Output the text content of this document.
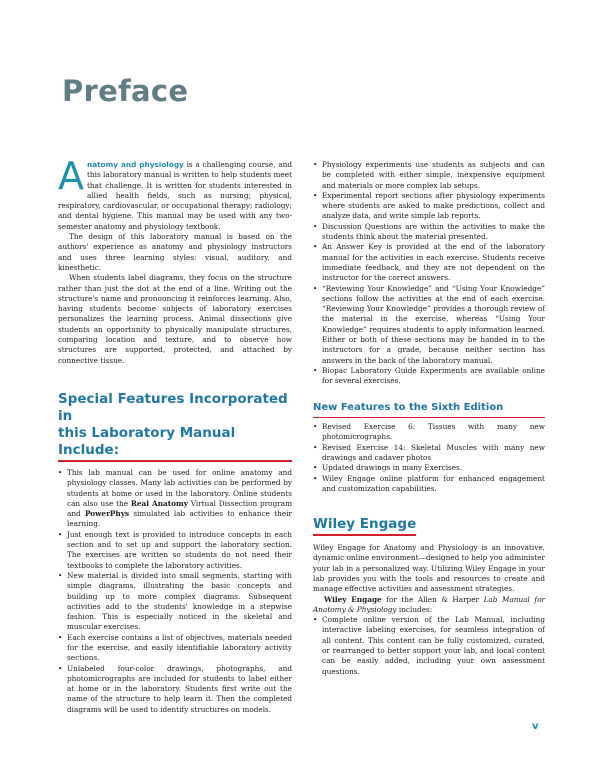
Preface

Anatomy and physiology is a challenging course, and this laboratory manual is written to help students meet that challenge. It is written for students interested in allied health fields, such as nursing; physical, respiratory, cardiovascular, or occupational therapy; radiology; and dental hygiene. This manual may be used with any two-semester anatomy and physiology textbook.

The design of this laboratory manual is based on the authors' experience as anatomy and physiology instructors and uses three learning styles: visual, auditory, and kinesthetic.

When students label diagrams, they focus on the structure rather than just the dot at the end of a line. Writing out the structure's name and pronouncing it reinforces learning. Also, having students become subjects of laboratory exercises personalizes the learning process. Animal dissections give students an opportunity to physically manipulate structures, comparing location and texture, and to observe how structures are supported, protected, and attached by connective tissue.

Special Features Incorporated in
this Laboratory Manual Include:
• This lab manual can be used for online anatomy and physiology classes. Many lab activities can be performed by students at home or used in the laboratory. Online students can also use the Real Anatomy Virtual Dissection program and PowerPhys simulated lab activities to enhance their learning.
• Just enough text is provided to introduce concepts in each section and to set up and support the laboratory section. The exercises are written so students do not need their textbooks to complete the laboratory activities.
• New material is divided into small segments, starting with simple diagrams, illustrating the basic concepts and building up to more complex diagrams. Subsequent activities add to the students' knowledge in a stepwise fashion. This is especially noticed in the skeletal and muscular exercises.
• Each exercise contains a list of objectives, materials needed for the exercise, and easily identifiable laboratory activity sections.
• Unlabeled four-color drawings, photographs, and photomicrographs are included for students to label either at home or in the laboratory. Students first write out the name of the structure to help learn it. Then the completed diagrams will be used to identify structures on models.
• Physiology experiments use students as subjects and can be completed with either simple, inexpensive equipment and materials or more complex lab setups.
• Experimental report sections after physiology experiments where students are asked to make predictions, collect and analyze data, and write simple lab reports.
• Discussion Questions are within the activities to make the students think about the material presented.
• An Answer Key is provided at the end of the laboratory manual for the activities in each exercise. Students receive immediate feedback, and they are not dependent on the instructor for the correct answers.
• “Reviewing Your Knowledge” and “Using Your Knowledge” sections follow the activities at the end of each exercise. “Reviewing Your Knowledge” provides a thorough review of the material in the exercise, whereas “Using Your Knowledge” requires students to apply information learned. Either or both of these sections may be handed in to the instructors for a grade, because neither section has answers in the back of the laboratory manual.
• Biopac Laboratory Guide Experiments are available online for several exercises.
New Features to the Sixth Edition
• Revised Exercise 6: Tissues with many new photomicrographs.
• Revised Exercise 14: Skeletal Muscles with many new drawings and cadaver photos
• Updated drawings in many Exercises.
• Wiley Engage online platform for enhanced engagement and customization capabilities.
Wiley Engage

Wiley Engage for Anatomy and Physiology is an innovative, dynamic online environment—designed to help you administer your lab in a personalized way. Utilizing Wiley Engage in your lab provides you with the tools and resources to create and manage effective activities and assessment strategies.

Wiley Engage for the Allen & Harper Lab Manual for Anatomy & Physiology includes:

• Complete online version of the Lab Manual, including interactive labeling exercises, for seamless integration of all content. This content can be fully customized, curated, or rearranged to better support your lab, and local content can be easily added, including your own assessment questions.
v
